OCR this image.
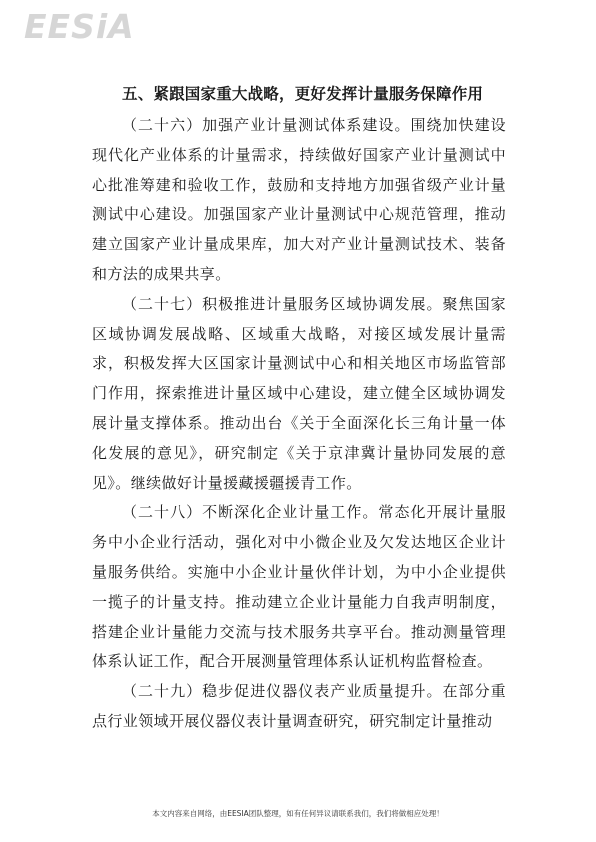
EESiA
五、紧跟国家重大战略，更好发挥计量服务保障作用

（二十六）加强产业计量测试体系建设。围绕加快建设现代化产业体系的计量需求，持续做好国家产业计量测试中心批准筹建和验收工作，鼓励和支持地方加强省级产业计量测试中心建设。加强国家产业计量测试中心规范管理，推动建立国家产业计量成果库，加大对产业计量测试技术、装备和方法的成果共享。

（二十七）积极推进计量服务区域协调发展。聚焦国家区域协调发展战略、区域重大战略，对接区域发展计量需求，积极发挥大区国家计量测试中心和相关地区市场监管部门作用，探索推进计量区域中心建设，建立健全区域协调发展计量支撑体系。推动出台《关于全面深化长三角计量一体化发展的意见》，研究制定《关于京津冀计量协同发展的意见》。继续做好计量援藏援疆援青工作。

（二十八）不断深化企业计量工作。常态化开展计量服务中小企业行活动，强化对中小微企业及欠发达地区企业计量服务供给。实施中小企业计量伙伴计划，为中小企业提供一揽子的计量支持。推动建立企业计量能力自我声明制度，搭建企业计量能力交流与技术服务共享平台。推动测量管理体系认证工作，配合开展测量管理体系认证机构监督检查。

（二十九）稳步促进仪器仪表产业质量提升。在部分重点行业领域开展仪器仪表计量调查研究，研究制定计量推动

本文内容来自网络，由EESIA团队整理，如有任何异议请联系我们，我们将做相应处理！
